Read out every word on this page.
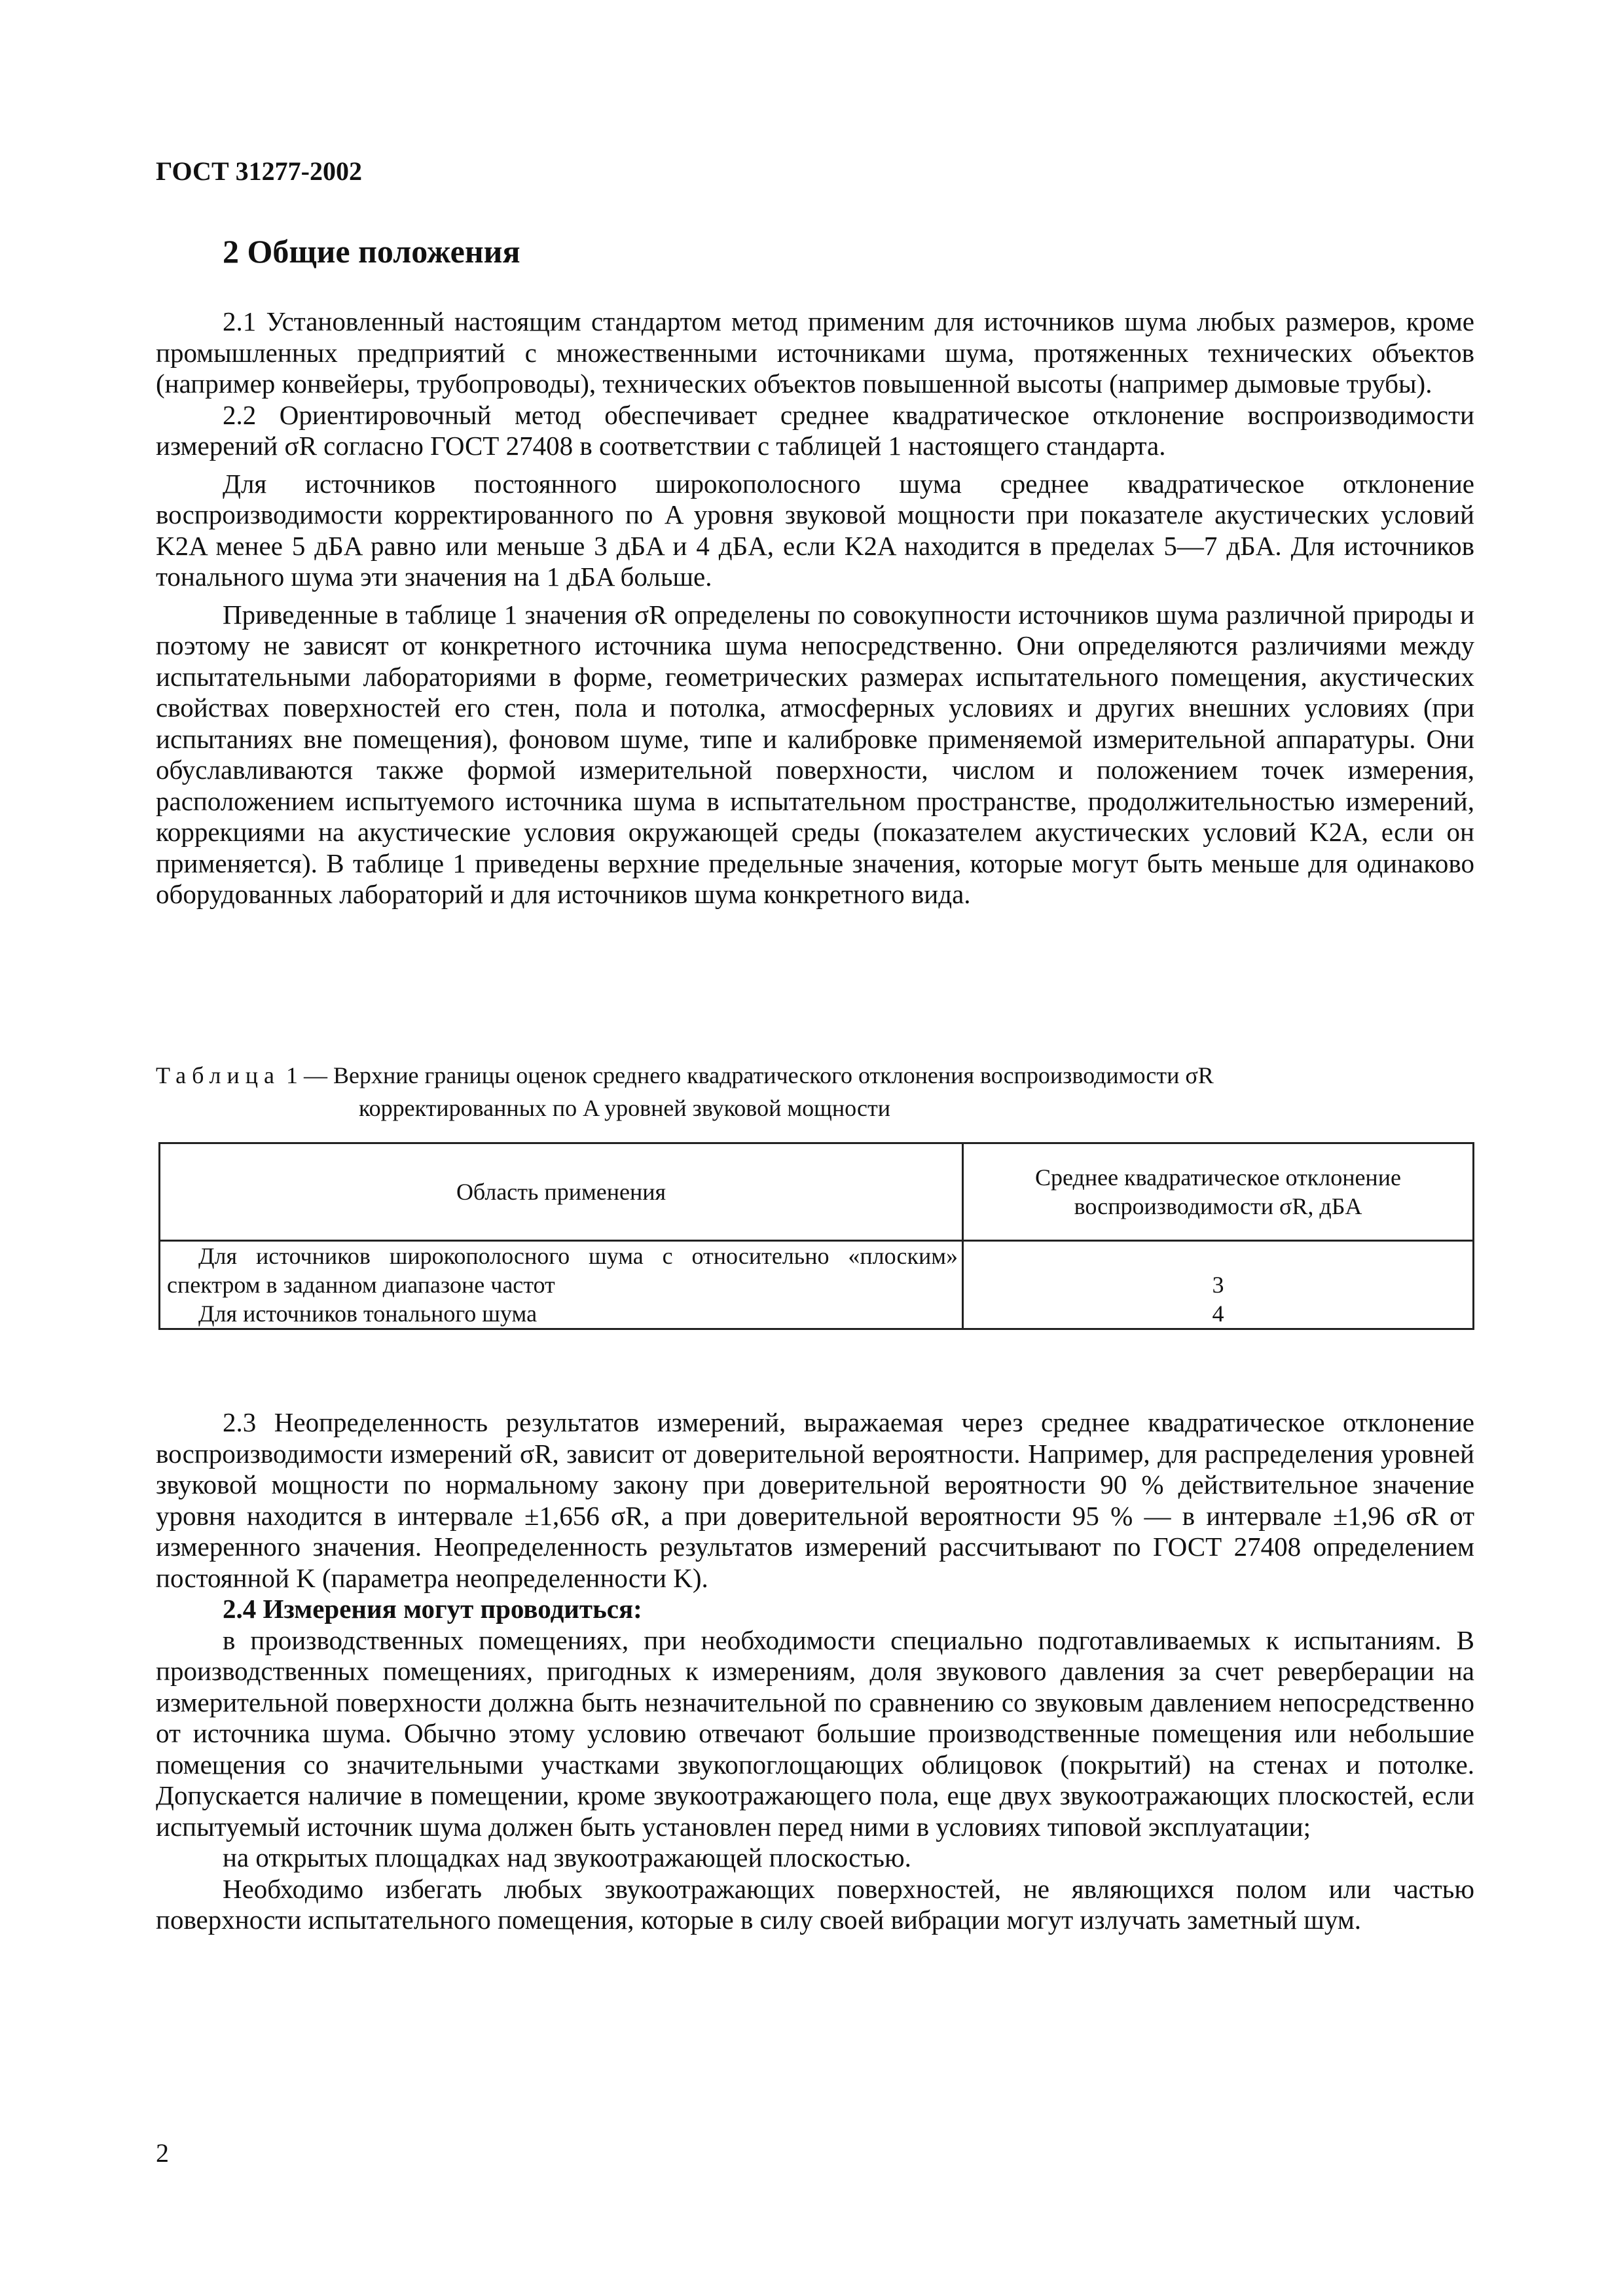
ГОСТ 31277-2002
2 Общие положения

2.1 Установленный настоящим стандартом метод применим для источников шума любых размеров, кроме промышленных предприятий с множественными источниками шума, протяженных технических объектов (например конвейеры, трубопроводы), технических объектов повышенной высоты (например дымовые трубы).

2.2 Ориентировочный метод обеспечивает среднее квадратическое отклонение воспроизводимости измерений σR согласно ГОСТ 27408 в соответствии с таблицей 1 настоящего стандарта.

Для источников постоянного широкополосного шума среднее квадратическое отклонение воспроизводимости корректированного по A уровня звуковой мощности при показателе акустических условий K2A менее 5 дБA равно или меньше 3 дБA и 4 дБA, если K2A находится в пределах 5—7 дБA. Для источников тонального шума эти значения на 1 дБA больше.

Приведенные в таблице 1 значения σR определены по совокупности источников шума различной природы и поэтому не зависят от конкретного источника шума непосредственно. Они определяются различиями между испытательными лабораториями в форме, геометрических размерах испытательного помещения, акустических свойствах поверхностей его стен, пола и потолка, атмосферных условиях и других внешних условиях (при испытаниях вне помещения), фоновом шуме, типе и калибровке применяемой измерительной аппаратуры. Они обуславливаются также формой измерительной поверхности, числом и положением точек измерения, расположением испытуемого источника шума в испытательном пространстве, продолжительностью измерений, коррекциями на акустические условия окружающей среды (показателем акустических условий K2A, если он применяется). В таблице 1 приведены верхние предельные значения, которые могут быть меньше для одинаково оборудованных лабораторий и для источников шума конкретного вида.

Таблица 1 — Верхние границы оценок среднего квадратического отклонения воспроизводимости σR
корректированных по A уровней звуковой мощности
Область применения	Среднее квадратическое отклонение воспроизводимости σR, дБA
Для источников широкополосного шума с относительно «плоским» спектром в заданном диапазоне частот	3
Для источников тонального шума	4

2.3 Неопределенность результатов измерений, выражаемая через среднее квадратическое отклонение воспроизводимости измерений σR, зависит от доверительной вероятности. Например, для распределения уровней звуковой мощности по нормальному закону при доверительной вероятности 90 % действительное значение уровня находится в интервале ±1,656 σR, а при доверительной вероятности 95 % — в интервале ±1,96 σR от измеренного значения. Неопределенность результатов измерений рассчитывают по ГОСТ 27408 определением постоянной K (параметра неопределенности K).

2.4 Измерения могут проводиться:

в производственных помещениях, при необходимости специально подготавливаемых к испытаниям. В производственных помещениях, пригодных к измерениям, доля звукового давления за счет реверберации на измерительной поверхности должна быть незначительной по сравнению со звуковым давлением непосредственно от источника шума. Обычно этому условию отвечают большие производственные помещения или небольшие помещения со значительными участками звукопоглощающих облицовок (покрытий) на стенах и потолке. Допускается наличие в помещении, кроме звукоотражающего пола, еще двух звукоотражающих плоскостей, если испытуемый источник шума должен быть установлен перед ними в условиях типовой эксплуатации;

на открытых площадках над звукоотражающей плоскостью.

Необходимо избегать любых звукоотражающих поверхностей, не являющихся полом или частью поверхности испытательного помещения, которые в силу своей вибрации могут излучать заметный шум.

2
